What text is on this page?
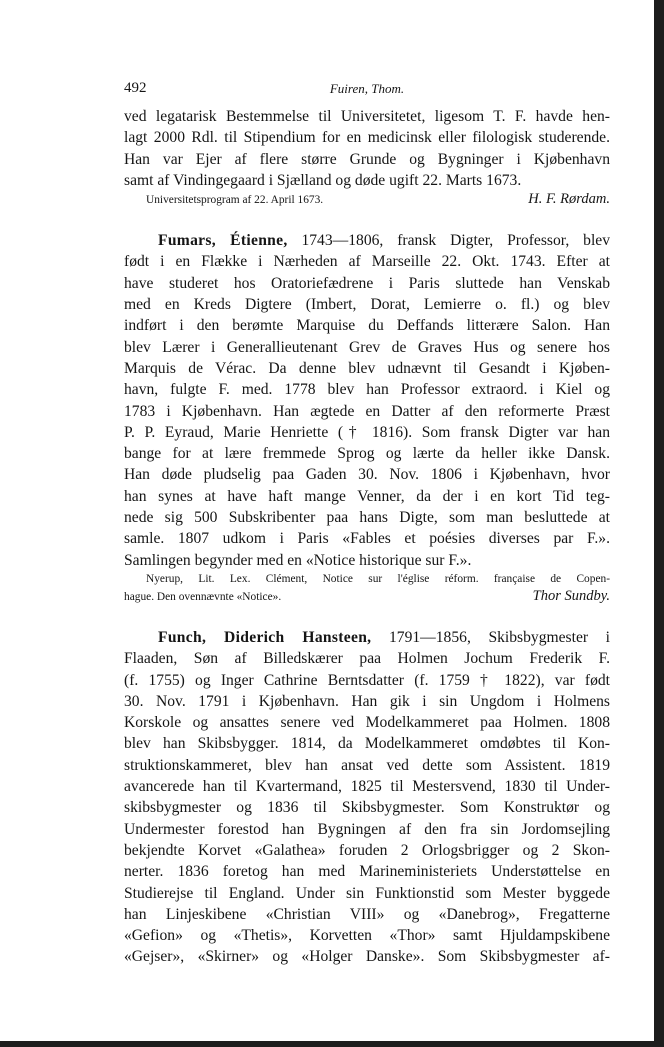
492	Fuiren, Thom.
ved legatarisk Bestemmelse til Universitetet, ligesom T. F. havde hen-
lagt 2000 Rdl. til Stipendium for en medicinsk eller filologisk studerende.
Han var Ejer af flere større Grunde og Bygninger i Kjøbenhavn
samt af Vindingegaard i Sjælland og døde ugift 22. Marts 1673.
Universitetsprogram af 22. April 1673.	H. F. Rørdam.
Fumars, Étienne, 1743—1806, fransk Digter, Professor, blev
født i en Flække i Nærheden af Marseille 22. Okt. 1743. Efter at
have studeret hos Oratoriefædrene i Paris sluttede han Venskab
med en Kreds Digtere (Imbert, Dorat, Lemierre o. fl.) og blev
indført i den berømte Marquise du Deffands litterære Salon. Han
blev Lærer i Generallieutenant Grev de Graves Hus og senere hos
Marquis de Vérac. Da denne blev udnævnt til Gesandt i Kjøben-
havn, fulgte F. med. 1778 blev han Professor extraord. i Kiel og
1783 i Kjøbenhavn. Han ægtede en Datter af den reformerte Præst
P. P. Eyraud, Marie Henriette († 1816). Som fransk Digter var han
bange for at lære fremmede Sprog og lærte da heller ikke Dansk.
Han døde pludselig paa Gaden 30. Nov. 1806 i Kjøbenhavn, hvor
han synes at have haft mange Venner, da der i en kort Tid teg-
nede sig 500 Subskribenter paa hans Digte, som man besluttede at
samle. 1807 udkom i Paris «Fables et poésies diverses par F.».
Samlingen begynder med en «Notice historique sur F.».
Nyerup, Lit. Lex. Clément, Notice sur l'église réform. française de Copen-
hague. Den ovennævnte «Notice».	Thor Sundby.
Funch, Diderich Hansteen, 1791—1856, Skibsbygmester i
Flaaden, Søn af Billedskærer paa Holmen Jochum Frederik F.
(f. 1755) og Inger Cathrine Berntsdatter (f. 1759 † 1822), var født
30. Nov. 1791 i Kjøbenhavn. Han gik i sin Ungdom i Holmens
Korskole og ansattes senere ved Modelkammeret paa Holmen. 1808
blev han Skibsbygger. 1814, da Modelkammeret omdøbtes til Kon-
struktionskammeret, blev han ansat ved dette som Assistent. 1819
avancerede han til Kvartermand, 1825 til Mestersvend, 1830 til Under-
skibsbygmester og 1836 til Skibsbygmester. Som Konstruktør og
Undermester forestod han Bygningen af den fra sin Jordomsejling
bekjendte Korvet «Galathea» foruden 2 Orlogsbrigger og 2 Skon-
nerter. 1836 foretog han med Marineministeriets Understøttelse en
Studierejse til England. Under sin Funktionstid som Mester byggede
han Linjeskibene «Christian VIII» og «Danebrog», Fregatterne
«Gefion» og «Thetis», Korvetten «Thor» samt Hjuldampskibene
«Gejser», «Skirner» og «Holger Danske». Som Skibsbygmester af-
